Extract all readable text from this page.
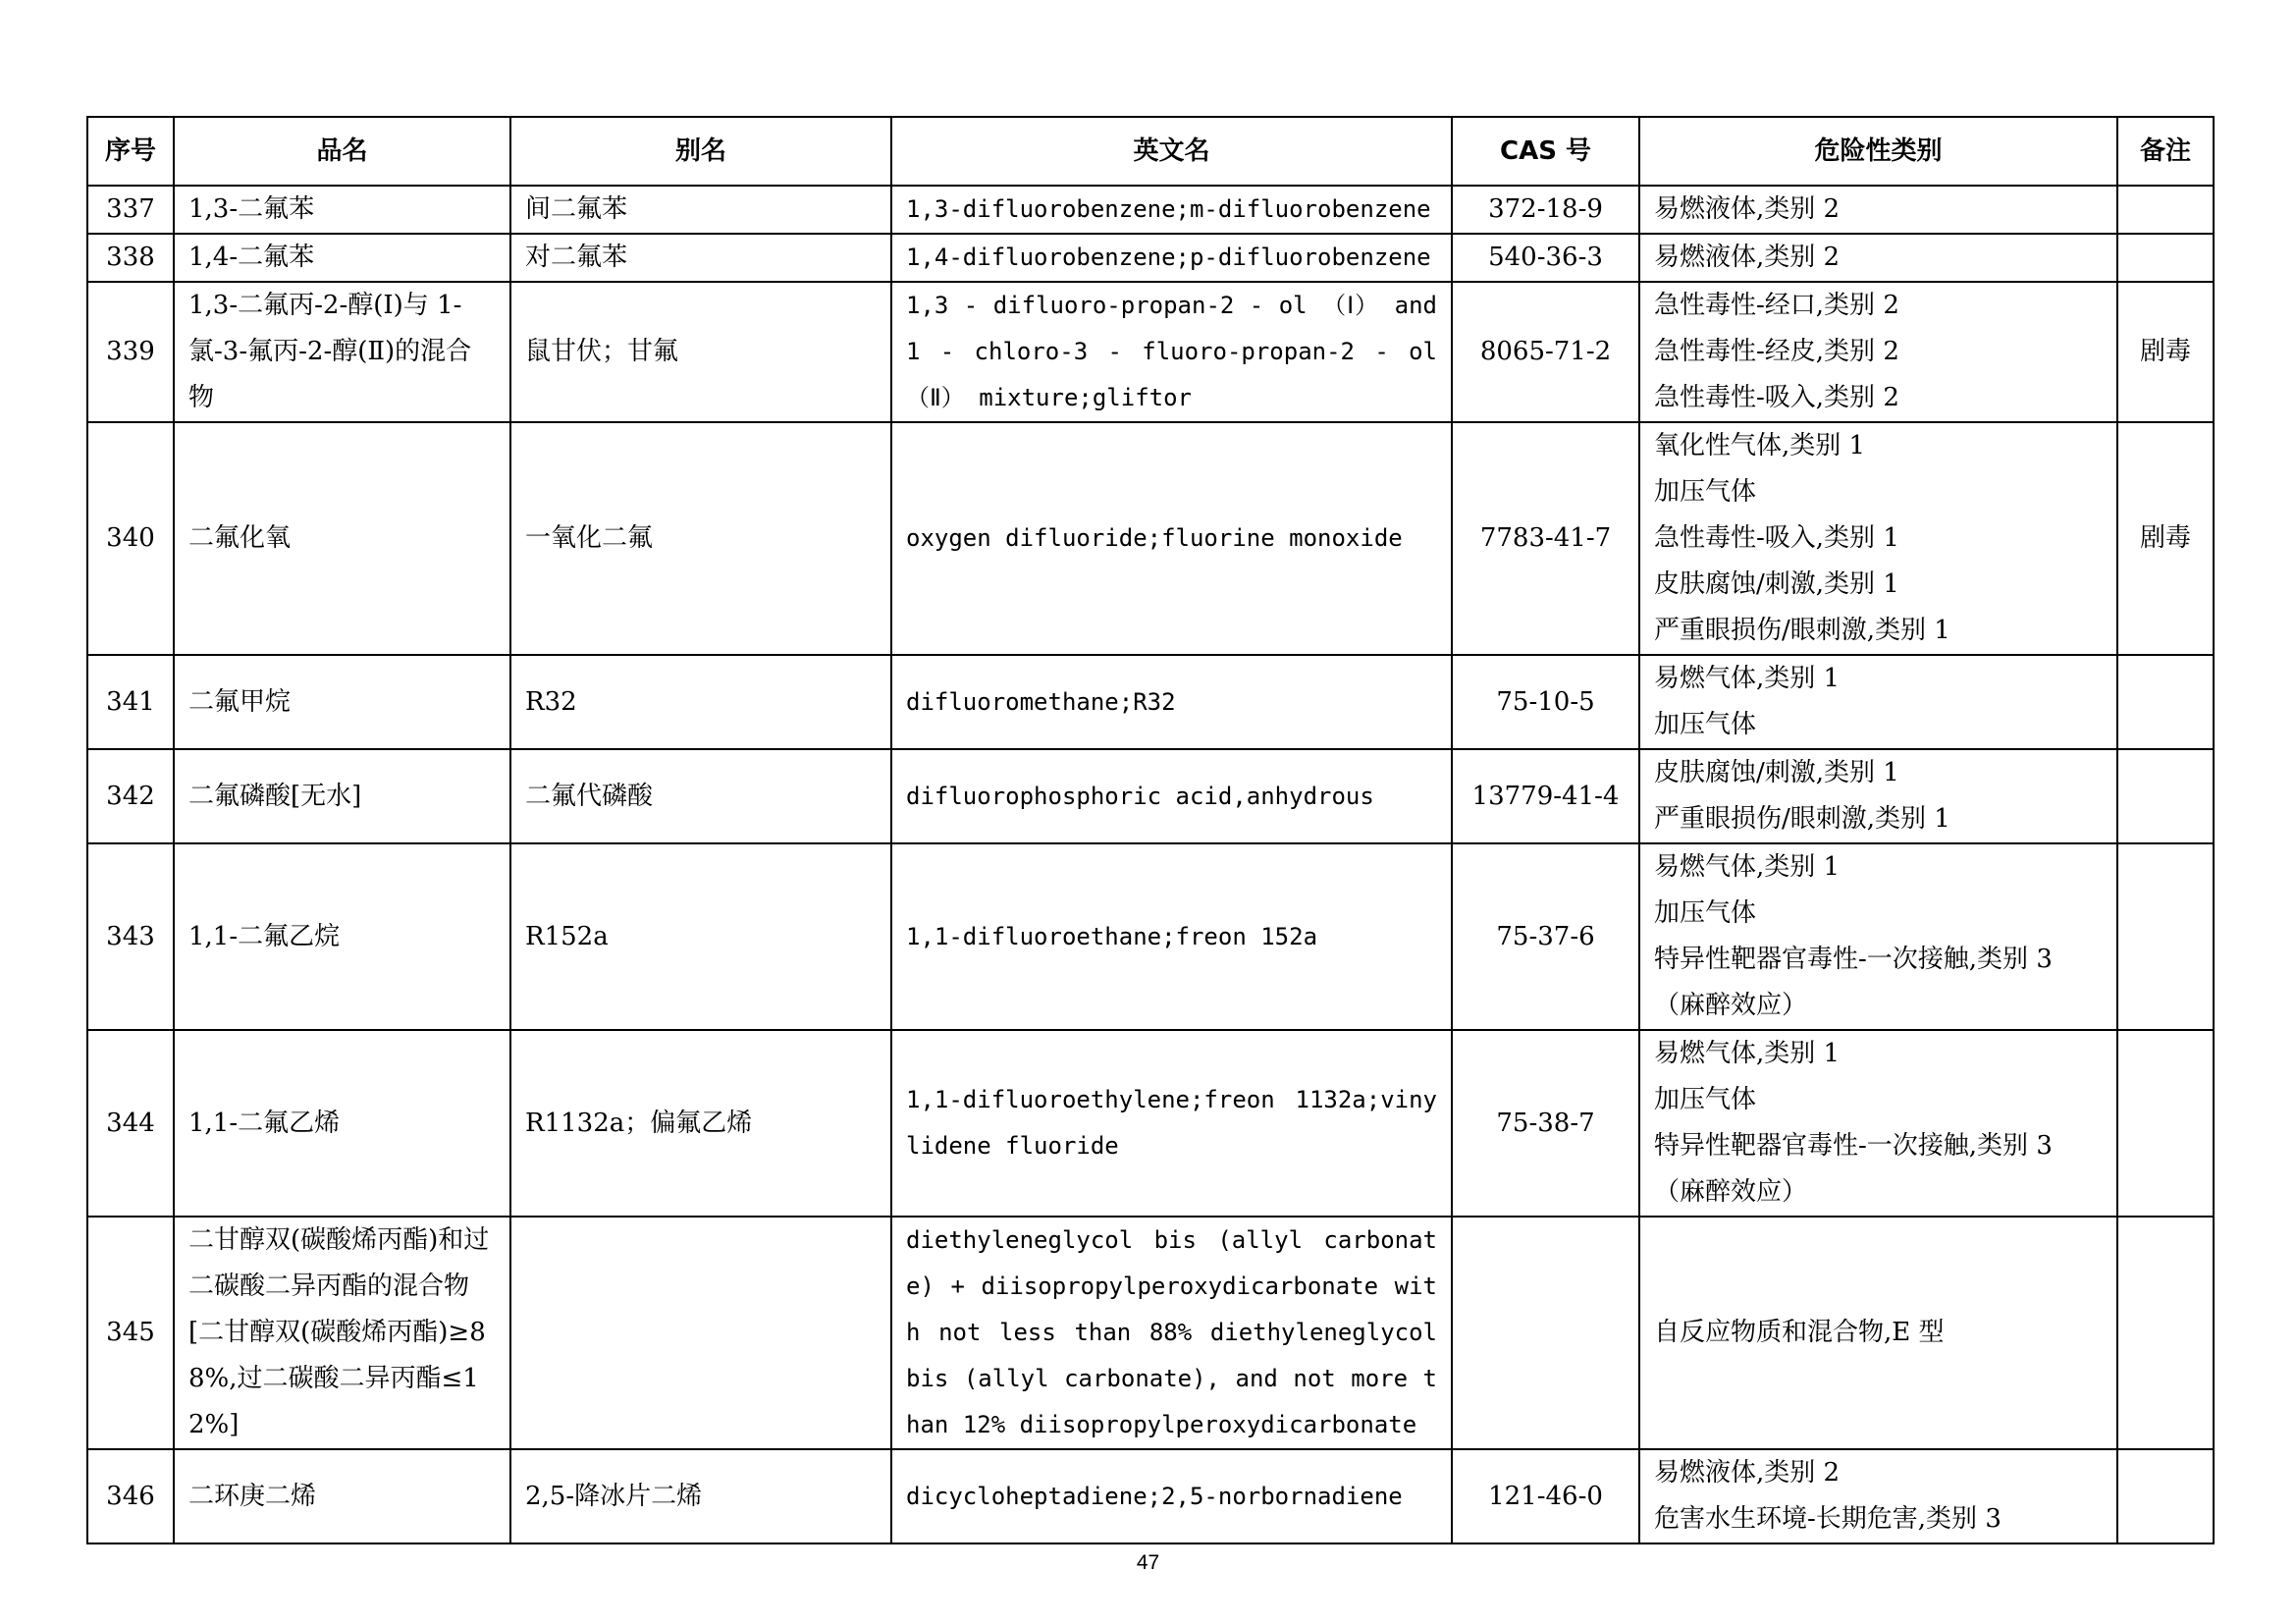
序号	品名	别名	英文名	CAS 号	危险性类别	备注
337	1,3-二氟苯	间二氟苯	1,3-difluorobenzene;m-difluorobenzene	372-18-9	易燃液体,类别 2	

338	1,4-二氟苯	对二氟苯	1,4-difluorobenzene;p-difluorobenzene	540-36-3	易燃液体,类别 2	

339	1,3-二氟丙-2-醇(Ⅰ)与 1-氯-3-氟丙-2-醇(Ⅱ)的混合物	鼠甘伏；甘氟	1,3 - difluoro-propan-2 - ol （Ⅰ） and 1 - chloro-3 - fluoro-propan-2 - ol （Ⅱ） mixture;gliftor	8065-71-2	急性毒性-经口,类别 2
急性毒性-经皮,类别 2
急性毒性-吸入,类别 2	剧毒
340	二氟化氧	一氧化二氟	oxygen difluoride;fluorine monoxide	7783-41-7	氧化性气体,类别 1
加压气体
急性毒性-吸入,类别 1
皮肤腐蚀/刺激,类别 1
严重眼损伤/眼刺激,类别 1	剧毒
341	二氟甲烷	R32	difluoromethane;R32	75-10-5	易燃气体,类别 1
加压气体	

342	二氟磷酸[无水]	二氟代磷酸	difluorophosphoric acid,anhydrous	13779-41-4	皮肤腐蚀/刺激,类别 1
严重眼损伤/眼刺激,类别 1	

343	1,1-二氟乙烷	R152a	1,1-difluoroethane;freon 152a	75-37-6	易燃气体,类别 1
加压气体
特异性靶器官毒性-一次接触,类别 3 （麻醉效应）	

344	1,1-二氟乙烯	R1132a；偏氟乙烯	1,1-difluoroethylene;freon 1132a;vinylidene fluoride	75-38-7	易燃气体,类别 1
加压气体
特异性靶器官毒性-一次接触,类别 3 （麻醉效应）	

345	二甘醇双(碳酸烯丙酯)和过二碳酸二异丙酯的混合物[二甘醇双(碳酸烯丙酯)≥88%,过二碳酸二异丙酯≤12%]		diethyleneglycol bis (allyl carbonate) + diisopropylperoxydicarbonate with not less than 88% diethyleneglycol bis (allyl carbonate), and not more than 12% diisopropylperoxydicarbonate		自反应物质和混合物,E 型	

346	二环庚二烯	2,5-降冰片二烯	dicycloheptadiene;2,5-norbornadiene	121-46-0	易燃液体,类别 2
危害水生环境-长期危害,类别 3	

47
